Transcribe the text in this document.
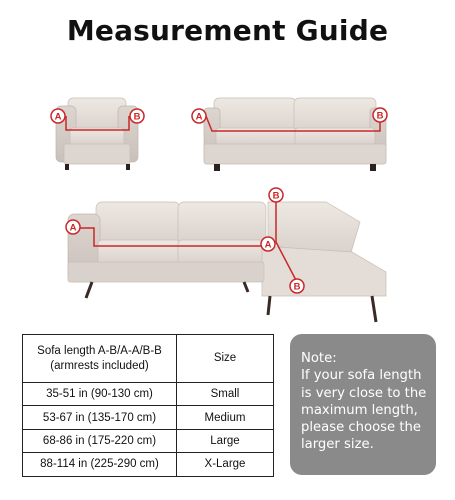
Measurement Guide
A	B	A	B
A
A
B
B
Sofa length A-B/A-A/B-B
(armrests included)	Size
35-51 in (90-130 cm)	Small
53-67 in (135-170 cm)	Medium
68-86 in (175-220 cm)	Large
88-114 in (225-290 cm)	X-Large
Note:
If your sofa length
is very close to the
maximum length,
please choose the
larger size.
